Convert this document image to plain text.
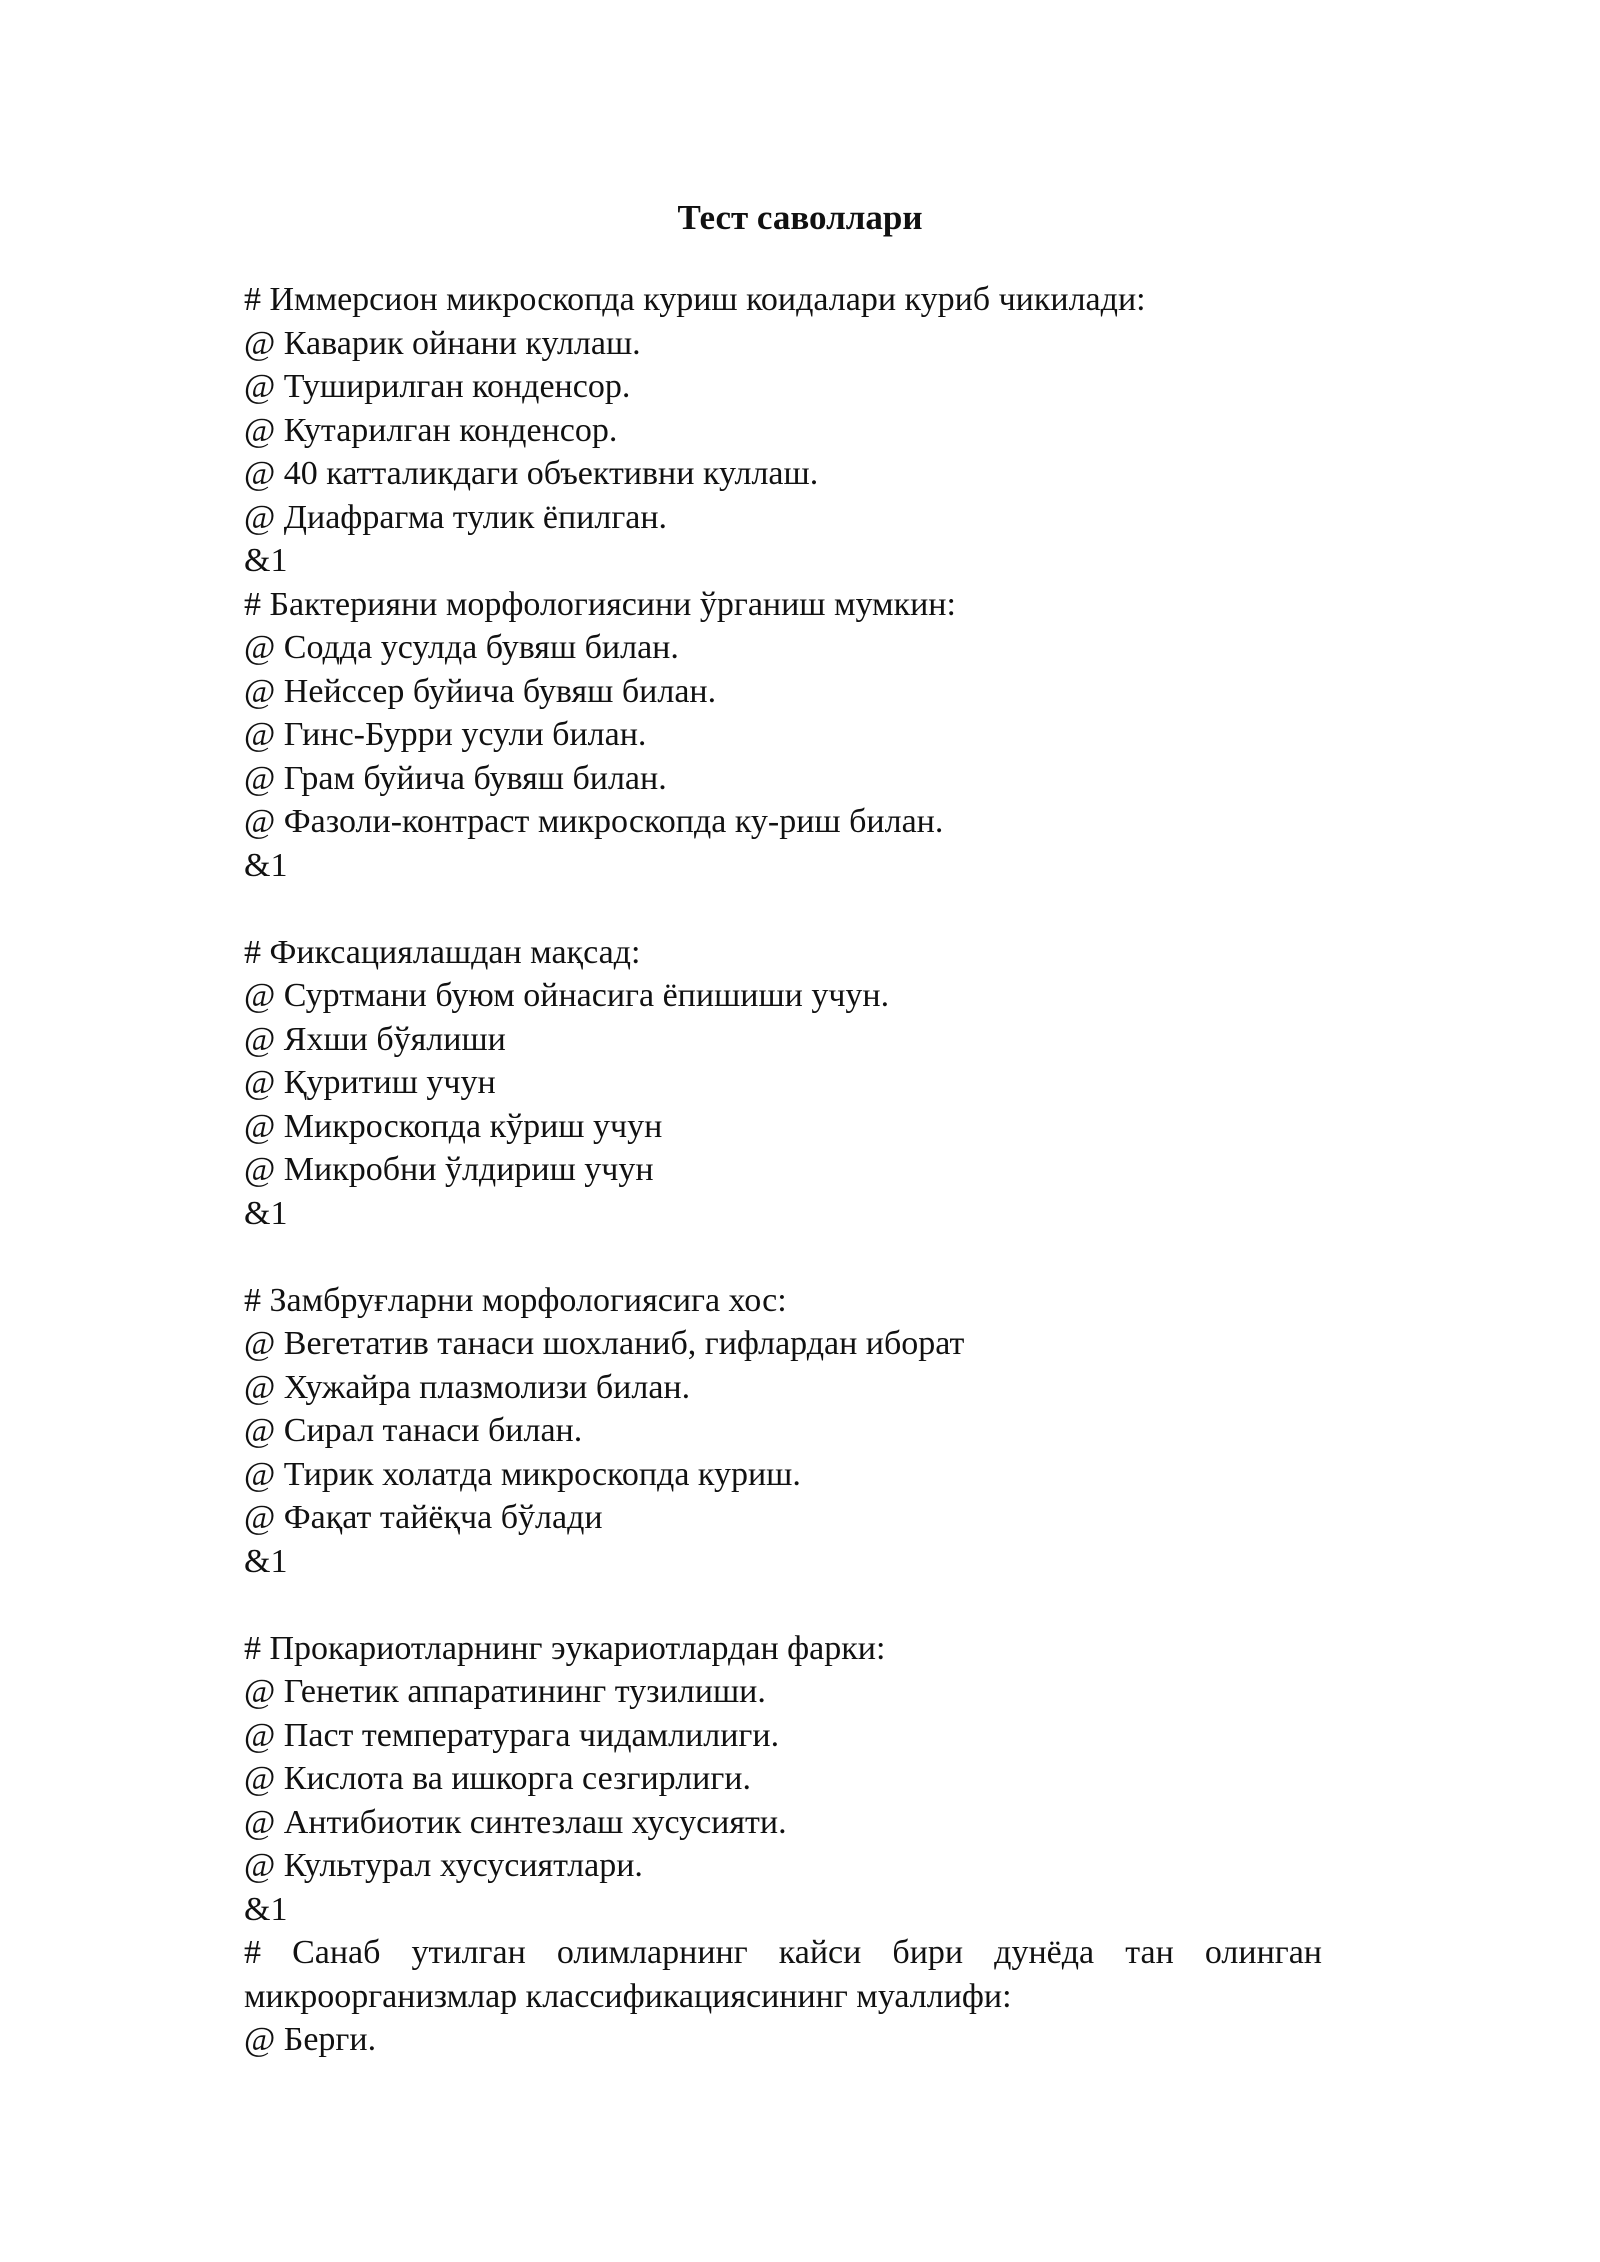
Тест саволлари
# Иммерсион микроскопда куриш коидалари куриб чикилади:
@ Каварик ойнани куллаш.
@ Туширилган конденсор.
@ Кутарилган конденсор.
@ 40 катталикдаги объективни куллаш.
@ Диафрагма тулик ёпилган.
&1
# Бактерияни морфологиясини ўрганиш мумкин:
@ Содда усулда бувяш билан.
@ Нейссер буйича бувяш билан.
@ Гинс-Бурри усули билан.
@ Грам буйича бувяш билан.
@ Фазоли-контраст микроскопда ку-риш билан.
&1
# Фиксациялашдан мақсад:
@ Суртмани буюм ойнасига ёпишиши учун.
@ Яхши бўялиши
@ Қуритиш учун
@ Микроскопда кўриш учун
@ Микробни ўлдириш учун
&1
# Замбруғларни морфологиясига хос:
@ Вегетатив танаси шохланиб, гифлардан иборат
@ Хужайра плазмолизи билан.
@ Сирал танаси билан.
@ Тирик холатда микроскопда куриш.
@ Фақат тайёқча бўлади
&1
# Прокариотларнинг эукариотлардан фарки:
@ Генетик аппаратининг тузилиши.
@ Паст температурага чидамлилиги.
@ Кислота ва ишкорга сезгирлиги.
@ Антибиотик синтезлаш хусусияти.
@ Культурал хусусиятлари.
&1
# Санаб утилган олимларнинг кайси бири дунёда тан олинган
микроорганизмлар классификациясининг муаллифи:
@ Берги.
